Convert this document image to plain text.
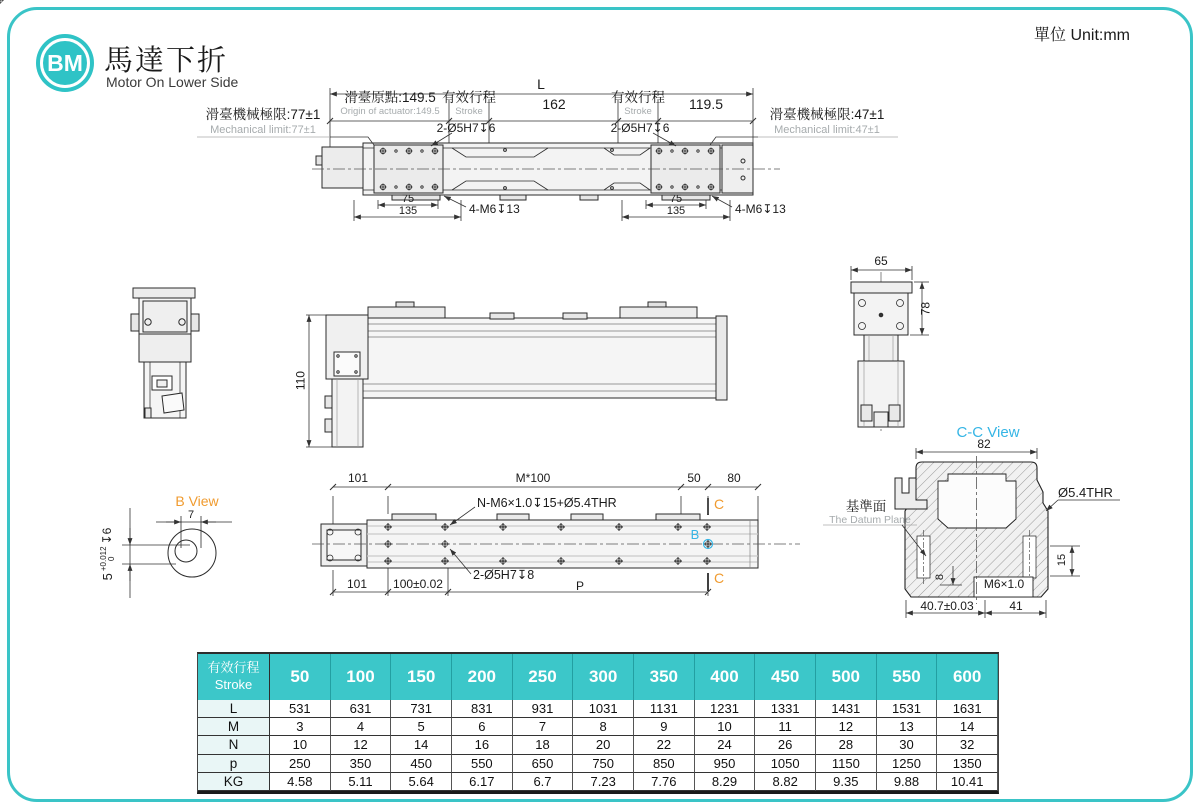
BM 馬達下折
Motor On Lower Side
單位 Unit:mm
L
滑臺原點:149.5
Origin of actuator:149.5
有效行程
Stroke	162	有效行程
Stroke	119.5
滑臺機械極限:77±1
Mechanical limit:77±1
滑臺機械極限:47±1
Mechanical limit:47±1
2-Ø5H7↧6	2-Ø5H7↧6
75
135	4-M6↧13
75
135	4-M6↧13
110
65
78
B View
7
5
+0.012 0
↧6
101	M*100	50 80
N-M6×1.0↧15+Ø5.4THR	C
B
C
2-Ø5H7↧8
101 100±0.02	P
C-C View
82
Ø5.4THR
15
M6×1.0
8
40.7±0.03	41
基準面
The Datum Plane
有效行程
Stroke	50	100	150	200	250	300	350	400	450	500	550	600
L	531	631	731	831	931	1031	1131	1231	1331	1431	1531	1631
M	3	4	5	6	7	8	9	10	11	12	13	14
N	10	12	14	16	18	20	22	24	26	28	30	32
p	250	350	450	550	650	750	850	950	1050	1150	1250	1350
KG	4.58	5.11	5.64	6.17	6.7	7.23	7.76	8.29	8.82	9.35	9.88	10.41
